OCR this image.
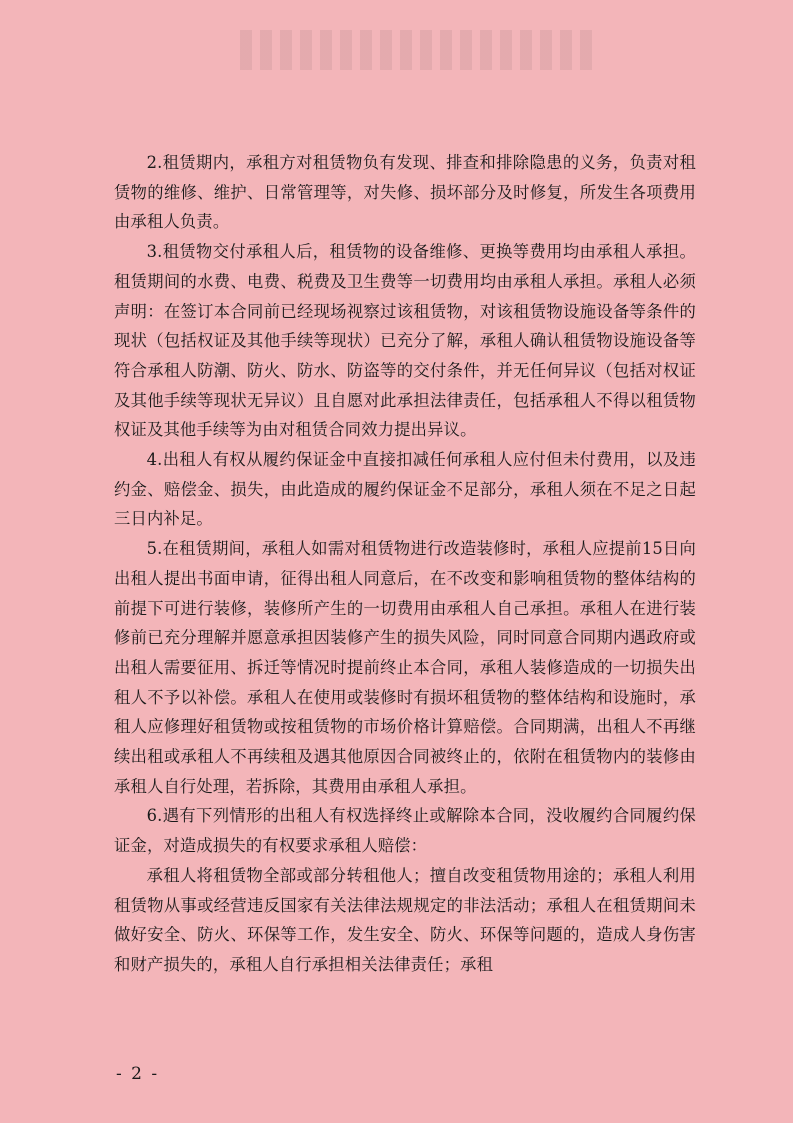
2.租赁期内，承租方对租赁物负有发现、排查和排除隐患的义务，负责对租赁物的维修、维护、日常管理等，对失修、损坏部分及时修复，所发生各项费用由承租人负责。

3.租赁物交付承租人后，租赁物的设备维修、更换等费用均由承租人承担。租赁期间的水费、电费、税费及卫生费等一切费用均由承租人承担。承租人必须声明：在签订本合同前已经现场视察过该租赁物，对该租赁物设施设备等条件的现状（包括权证及其他手续等现状）已充分了解，承租人确认租赁物设施设备等符合承租人防潮、防火、防水、防盗等的交付条件，并无任何异议（包括对权证及其他手续等现状无异议）且自愿对此承担法律责任，包括承租人不得以租赁物权证及其他手续等为由对租赁合同效力提出异议。

4.出租人有权从履约保证金中直接扣减任何承租人应付但未付费用，以及违约金、赔偿金、损失，由此造成的履约保证金不足部分，承租人须在不足之日起三日内补足。

5.在租赁期间，承租人如需对租赁物进行改造装修时，承租人应提前15日向出租人提出书面申请，征得出租人同意后，在不改变和影响租赁物的整体结构的前提下可进行装修，装修所产生的一切费用由承租人自己承担。承租人在进行装修前已充分理解并愿意承担因装修产生的损失风险，同时同意合同期内遇政府或出租人需要征用、拆迁等情况时提前终止本合同，承租人装修造成的一切损失出租人不予以补偿。承租人在使用或装修时有损坏租赁物的整体结构和设施时，承租人应修理好租赁物或按租赁物的市场价格计算赔偿。合同期满，出租人不再继续出租或承租人不再续租及遇其他原因合同被终止的，依附在租赁物内的装修由承租人自行处理，若拆除，其费用由承租人承担。

6.遇有下列情形的出租人有权选择终止或解除本合同，没收履约合同履约保证金，对造成损失的有权要求承租人赔偿：

承租人将租赁物全部或部分转租他人；擅自改变租赁物用途的；承租人利用租赁物从事或经营违反国家有关法律法规规定的非法活动；承租人在租赁期间未做好安全、防火、环保等工作，发生安全、防火、环保等问题的，造成人身伤害和财产损失的，承租人自行承担相关法律责任；承租

- 2 -
